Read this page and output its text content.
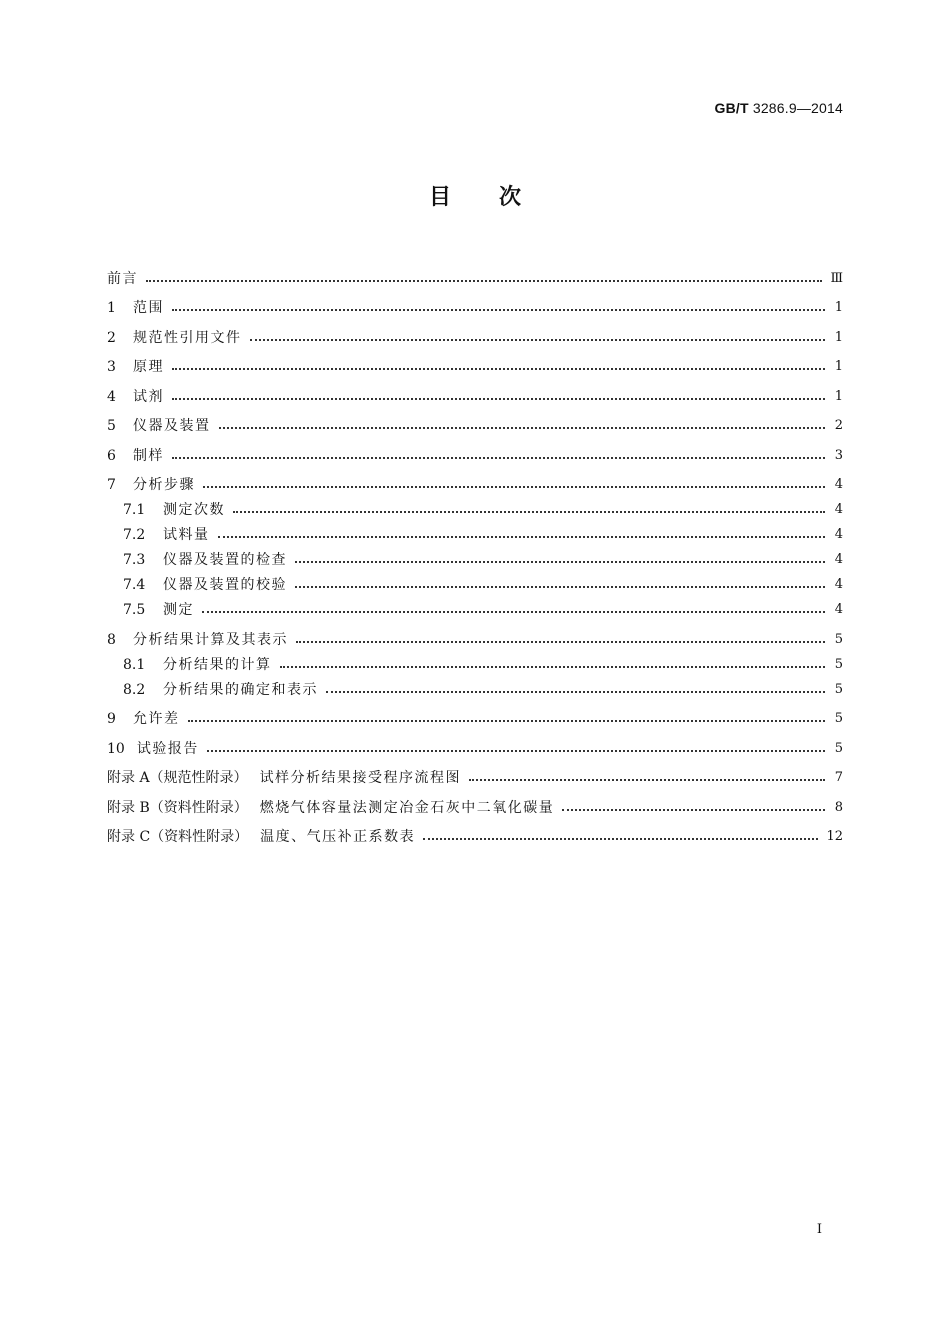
GB/T 3286.9—2014
目次
前言	Ⅲ
1	范围	1
2	规范性引用文件	1
3	原理	1
4	试剂	1
5	仪器及装置	2
6	制样	3
7	分析步骤	4
7.1	测定次数	4
7.2	试料量	4
7.3	仪器及装置的检查	4
7.4	仪器及装置的校验	4
7.5	测定	4
8	分析结果计算及其表示	5
8.1	分析结果的计算	5
8.2	分析结果的确定和表示	5
9	允许差	5
10 试验报告	5
附录 A（规范性附录） 试样分析结果接受程序流程图	7
附录 B（资料性附录） 燃烧气体容量法测定冶金石灰中二氧化碳量	8
附录 C（资料性附录） 温度、气压补正系数表	12
I
